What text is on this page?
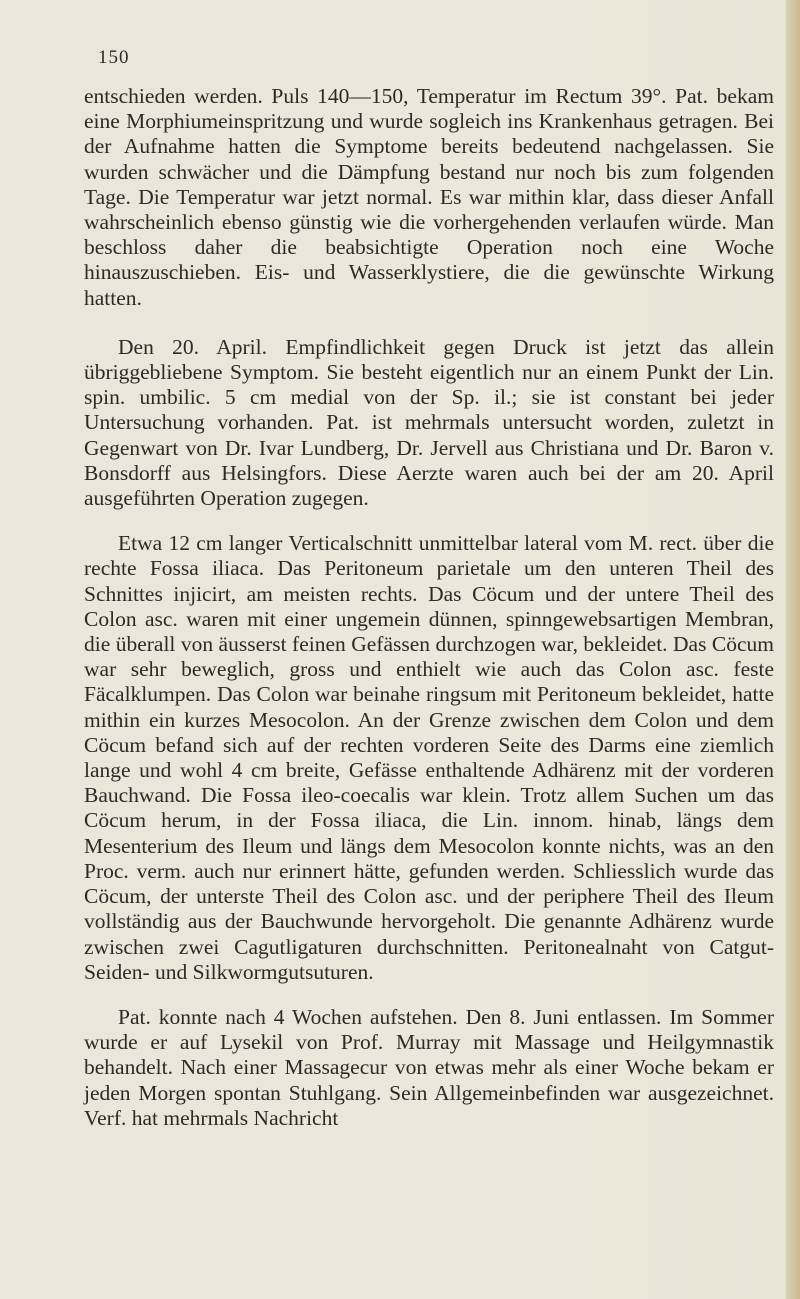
150

entschieden werden. Puls 140—150, Temperatur im Rectum 39°. Pat. bekam eine Morphiumeinspritzung und wurde sogleich ins Krankenhaus getragen. Bei der Aufnahme hatten die Symptome bereits bedeutend nachgelassen. Sie wurden schwächer und die Dämpfung bestand nur noch bis zum folgenden Tage. Die Temperatur war jetzt normal. Es war mithin klar, dass dieser Anfall wahrscheinlich ebenso günstig wie die vorhergehenden verlaufen würde. Man beschloss daher die beabsichtigte Operation noch eine Woche hinauszuschieben. Eis- und Wasserklystiere, die die gewünschte Wirkung hatten.

Den 20. April. Empfindlichkeit gegen Druck ist jetzt das allein übriggebliebene Symptom. Sie besteht eigentlich nur an einem Punkt der Lin. spin. umbilic. 5 cm medial von der Sp. il.; sie ist constant bei jeder Untersuchung vorhanden. Pat. ist mehrmals untersucht worden, zuletzt in Gegenwart von Dr. Ivar Lundberg, Dr. Jervell aus Christiana und Dr. Baron v. Bonsdorff aus Helsingfors. Diese Aerzte waren auch bei der am 20. April ausgeführten Operation zugegen.

Etwa 12 cm langer Verticalschnitt unmittelbar lateral vom M. rect. über die rechte Fossa iliaca. Das Peritoneum parietale um den unteren Theil des Schnittes injicirt, am meisten rechts. Das Cöcum und der untere Theil des Colon asc. waren mit einer ungemein dünnen, spinngewebsartigen Membran, die überall von äusserst feinen Gefässen durchzogen war, bekleidet. Das Cöcum war sehr beweglich, gross und enthielt wie auch das Colon asc. feste Fäcalklumpen. Das Colon war beinahe ringsum mit Peritoneum bekleidet, hatte mithin ein kurzes Mesocolon. An der Grenze zwischen dem Colon und dem Cöcum befand sich auf der rechten vorderen Seite des Darms eine ziemlich lange und wohl 4 cm breite, Gefässe enthaltende Adhärenz mit der vorderen Bauchwand. Die Fossa ileo-coecalis war klein. Trotz allem Suchen um das Cöcum herum, in der Fossa iliaca, die Lin. innom. hinab, längs dem Mesenterium des Ileum und längs dem Mesocolon konnte nichts, was an den Proc. verm. auch nur erinnert hätte, gefunden werden. Schliesslich wurde das Cöcum, der unterste Theil des Colon asc. und der periphere Theil des Ileum vollständig aus der Bauchwunde hervorgeholt. Die genannte Adhärenz wurde zwischen zwei Cagutligaturen durchschnitten. Peritonealnaht von Catgut- Seiden- und Silkwormgutsuturen.

Pat. konnte nach 4 Wochen aufstehen. Den 8. Juni entlassen. Im Sommer wurde er auf Lysekil von Prof. Murray mit Massage und Heilgymnastik behandelt. Nach einer Massagecur von etwas mehr als einer Woche bekam er jeden Morgen spontan Stuhlgang. Sein Allgemeinbefinden war ausgezeichnet. Verf. hat mehrmals Nachricht
